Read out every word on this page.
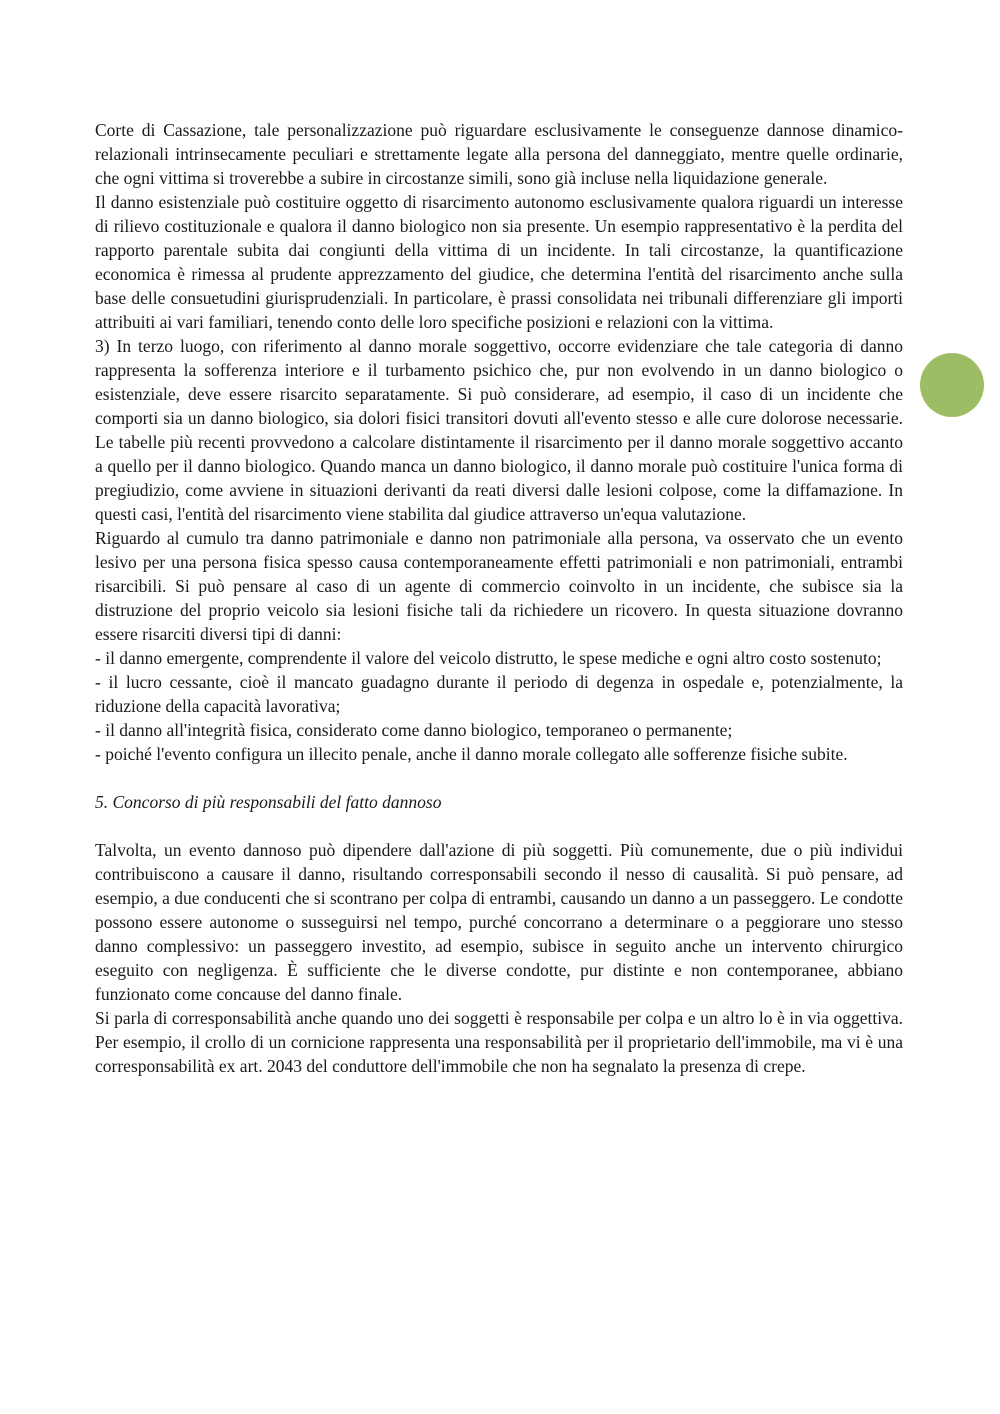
Corte di Cassazione, tale personalizzazione può riguardare esclusivamente le conseguenze dannose dinamico-relazionali intrinsecamente peculiari e strettamente legate alla persona del danneggiato, mentre quelle ordinarie, che ogni vittima si troverebbe a subire in circostanze simili, sono già incluse nella liquidazione generale.

Il danno esistenziale può costituire oggetto di risarcimento autonomo esclusivamente qualora riguardi un interesse di rilievo costituzionale e qualora il danno biologico non sia presente. Un esempio rappresentativo è la perdita del rapporto parentale subita dai congiunti della vittima di un incidente. In tali circostanze, la quantificazione economica è rimessa al prudente apprezzamento del giudice, che determina l'entità del risarcimento anche sulla base delle consuetudini giurisprudenziali. In particolare, è prassi consolidata nei tribunali differenziare gli importi attribuiti ai vari familiari, tenendo conto delle loro specifiche posizioni e relazioni con la vittima.

3) In terzo luogo, con riferimento al danno morale soggettivo, occorre evidenziare che tale categoria di danno rappresenta la sofferenza interiore e il turbamento psichico che, pur non evolvendo in un danno biologico o esistenziale, deve essere risarcito separatamente. Si può considerare, ad esempio, il caso di un incidente che comporti sia un danno biologico, sia dolori fisici transitori dovuti all'evento stesso e alle cure dolorose necessarie. Le tabelle più recenti provvedono a calcolare distintamente il risarcimento per il danno morale soggettivo accanto a quello per il danno biologico. Quando manca un danno biologico, il danno morale può costituire l'unica forma di pregiudizio, come avviene in situazioni derivanti da reati diversi dalle lesioni colpose, come la diffamazione. In questi casi, l'entità del risarcimento viene stabilita dal giudice attraverso un'equa valutazione.

Riguardo al cumulo tra danno patrimoniale e danno non patrimoniale alla persona, va osservato che un evento lesivo per una persona fisica spesso causa contemporaneamente effetti patrimoniali e non patrimoniali, entrambi risarcibili. Si può pensare al caso di un agente di commercio coinvolto in un incidente, che subisce sia la distruzione del proprio veicolo sia lesioni fisiche tali da richiedere un ricovero. In questa situazione dovranno essere risarciti diversi tipi di danni:

- il danno emergente, comprendente il valore del veicolo distrutto, le spese mediche e ogni altro costo sostenuto;

- il lucro cessante, cioè il mancato guadagno durante il periodo di degenza in ospedale e, potenzialmente, la riduzione della capacità lavorativa;

- il danno all'integrità fisica, considerato come danno biologico, temporaneo o permanente;

- poiché l'evento configura un illecito penale, anche il danno morale collegato alle sofferenze fisiche subite.

5. Concorso di più responsabili del fatto dannoso

Talvolta, un evento dannoso può dipendere dall'azione di più soggetti. Più comunemente, due o più individui contribuiscono a causare il danno, risultando corresponsabili secondo il nesso di causalità. Si può pensare, ad esempio, a due conducenti che si scontrano per colpa di entrambi, causando un danno a un passeggero. Le condotte possono essere autonome o susseguirsi nel tempo, purché concorrano a determinare o a peggiorare uno stesso danno complessivo: un passeggero investito, ad esempio, subisce in seguito anche un intervento chirurgico eseguito con negligenza. È sufficiente che le diverse condotte, pur distinte e non contemporanee, abbiano funzionato come concause del danno finale.

Si parla di corresponsabilità anche quando uno dei soggetti è responsabile per colpa e un altro lo è in via oggettiva. Per esempio, il crollo di un cornicione rappresenta una responsabilità per il proprietario dell'immobile, ma vi è una corresponsabilità ex art. 2043 del conduttore dell'immobile che non ha segnalato la presenza di crepe.
